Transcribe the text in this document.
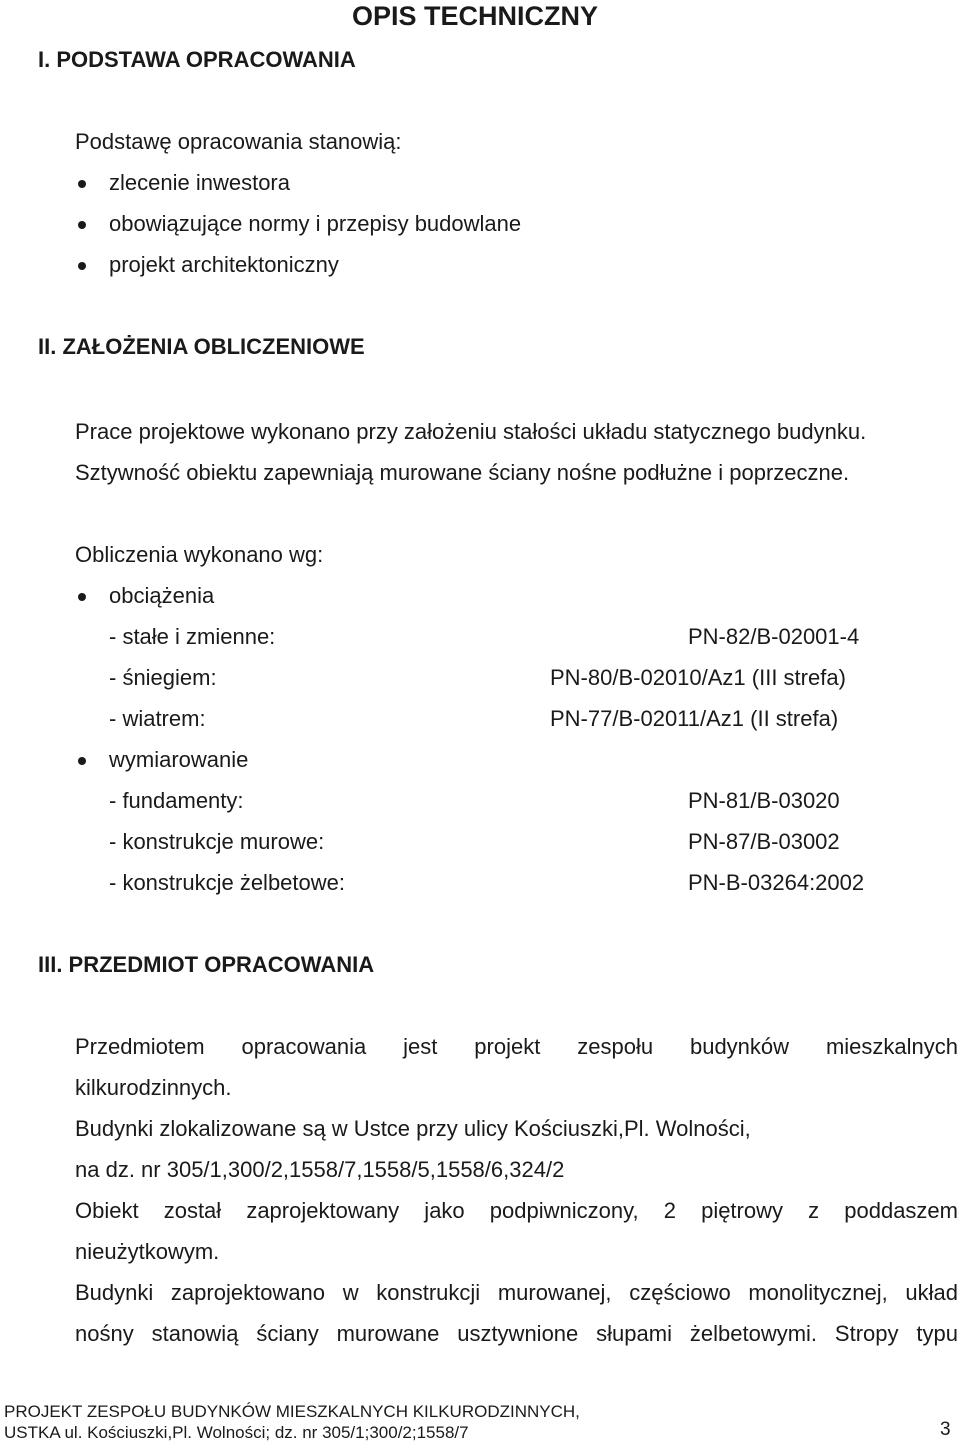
OPIS TECHNICZNY
I. PODSTAWA OPRACOWANIA
Podstawę opracowania stanowią:
zlecenie inwestora
obowiązujące normy i przepisy budowlane
projekt architektoniczny
II. ZAŁOŻENIA OBLICZENIOWE
Prace projektowe wykonano przy założeniu stałości układu statycznego budynku.
Sztywność obiektu zapewniają murowane ściany nośne podłużne i poprzeczne.
Obliczenia wykonano wg:
obciążenia
- stałe i zmienne:	PN-82/B-02001-4
- śniegiem:	PN-80/B-02010/Az1 (III strefa)
- wiatrem:	PN-77/B-02011/Az1 (II strefa)
wymiarowanie
- fundamenty:	PN-81/B-03020
- konstrukcje murowe:	PN-87/B-03002
- konstrukcje żelbetowe:	PN-B-03264:2002
III. PRZEDMIOT OPRACOWANIA
Przedmiotem opracowania jest projekt zespołu budynków mieszkalnych
kilkurodzinnych.
Budynki zlokalizowane są w Ustce przy ulicy Kościuszki,Pl. Wolności,
na dz. nr 305/1,300/2,1558/7,1558/5,1558/6,324/2
Obiekt został zaprojektowany jako podpiwniczony, 2 piętrowy z poddaszem
nieużytkowym.
Budynki zaprojektowano w konstrukcji murowanej, częściowo monolitycznej, układ
nośny stanowią ściany murowane usztywnione słupami żelbetowymi. Stropy typu
PROJEKT ZESPOŁU BUDYNKÓW MIESZKALNYCH KILKURODZINNYCH,
USTKA ul. Kościuszki,Pl. Wolności; dz. nr 305/1;300/2;1558/7	3
